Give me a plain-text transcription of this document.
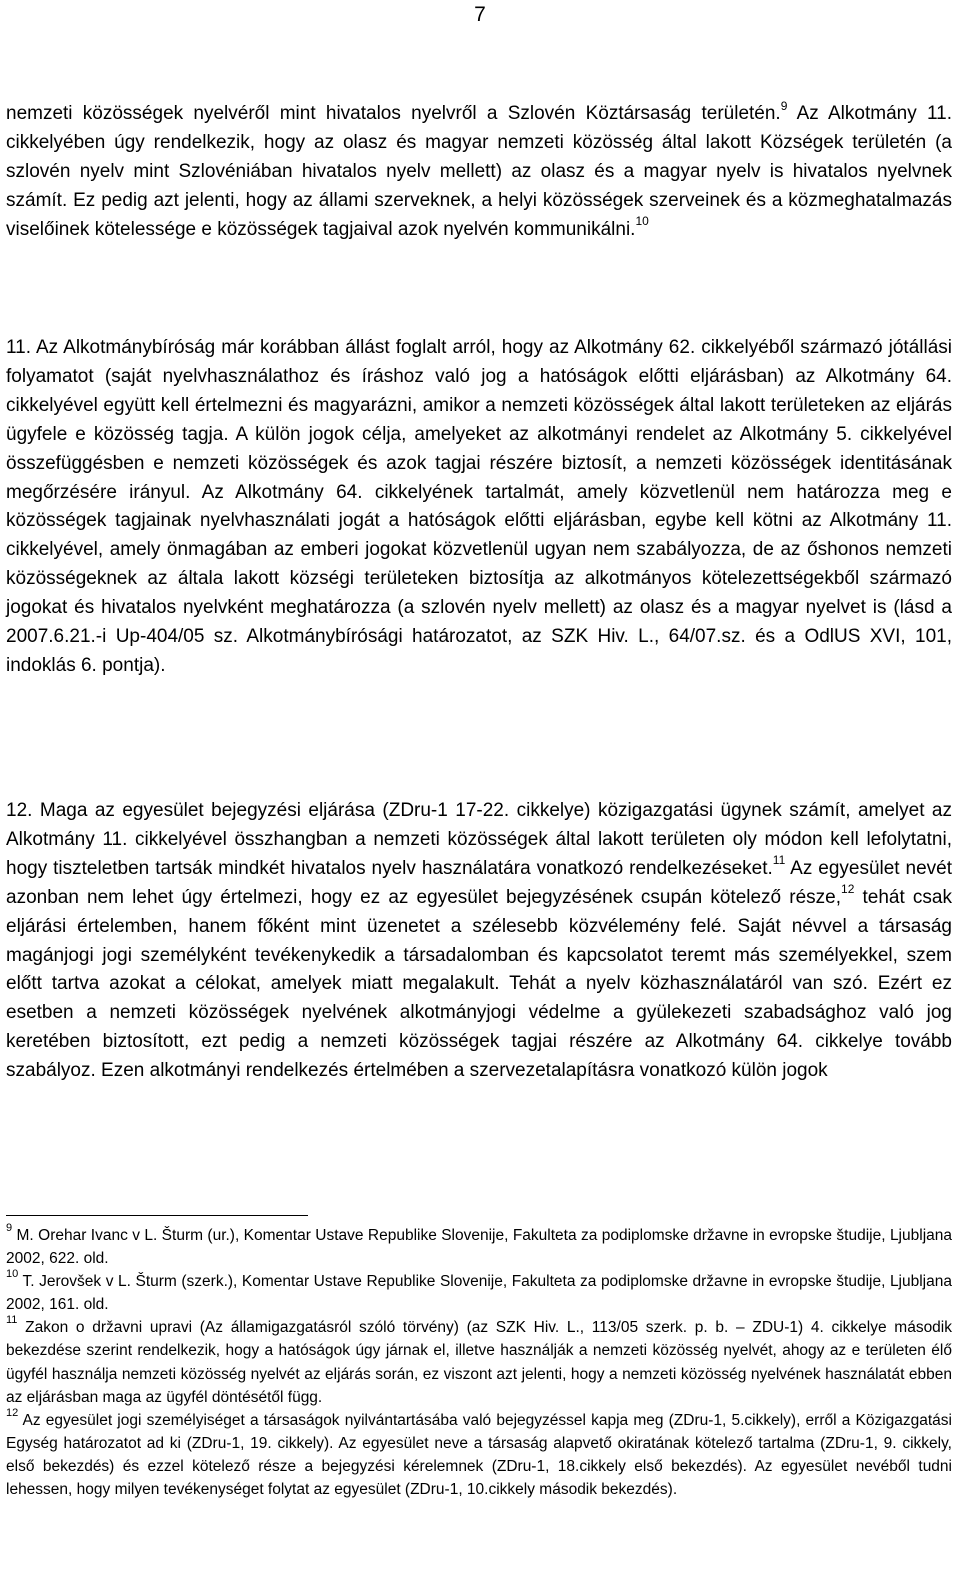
7

nemzeti közösségek nyelvéről mint hivatalos nyelvről a Szlovén Köztársaság területén.$^9$ Az Alkotmány 11. cikkelyében úgy rendelkezik, hogy az olasz és magyar nemzeti közösség által lakott Községek területén (a szlovén nyelv mint Szlovéniában hivatalos nyelv mellett) az olasz és a magyar nyelv is hivatalos nyelvnek számít. Ez pedig azt jelenti, hogy az állami szerveknek, a helyi közösségek szerveinek és a közmeghatalmazás viselőinek kötelessége e közösségek tagjaival azok nyelvén kommunikálni.$^{10}$

11. Az Alkotmánybíróság már korábban állást foglalt arról, hogy az Alkotmány 62. cikkelyéből származó jótállási folyamatot (saját nyelvhasználathoz és íráshoz való jog a hatóságok előtti eljárásban) az Alkotmány 64. cikkelyével együtt kell értelmezni és magyarázni, amikor a nemzeti közösségek által lakott területeken az eljárás ügyfele e közösség tagja. A külön jogok célja, amelyeket az alkotmányi rendelet az Alkotmány 5. cikkelyével összefüggésben e nemzeti közösségek és azok tagjai részére biztosít, a nemzeti közösségek identitásának megőrzésére irányul. Az Alkotmány 64. cikkelyének tartalmát, amely közvetlenül nem határozza meg e közösségek tagjainak nyelvhasználati jogát a hatóságok előtti eljárásban, egybe kell kötni az Alkotmány 11. cikkelyével, amely önmagában az emberi jogokat közvetlenül ugyan nem szabályozza, de az őshonos nemzeti közösségeknek az általa lakott községi területeken biztosítja az alkotmányos kötelezettségekből származó jogokat és hivatalos nyelvként meghatározza (a szlovén nyelv mellett) az olasz és a magyar nyelvet is (lásd a 2007.6.21.-i Up-404/05 sz. Alkotmánybírósági határozatot, az SZK Hiv. L., 64/07.sz. és a OdlUS XVI, 101, indoklás 6. pontja).

12. Maga az egyesület bejegyzési eljárása (ZDru-1 17-22. cikkelye) közigazgatási ügynek számít, amelyet az Alkotmány 11. cikkelyével összhangban a nemzeti közösségek által lakott területen oly módon kell lefolytatni, hogy tiszteletben tartsák mindkét hivatalos nyelv használatára vonatkozó rendelkezéseket.$^{11}$ Az egyesület nevét azonban nem lehet úgy értelmezi, hogy ez az egyesület bejegyzésének csupán kötelező része,$^{12}$ tehát csak eljárási értelemben, hanem főként mint üzenetet a szélesebb közvélemény felé. Saját névvel a társaság magánjogi jogi személyként tevékenykedik a társadalomban és kapcsolatot teremt más személyekkel, szem előtt tartva azokat a célokat, amelyek miatt megalakult. Tehát a nyelv közhasználatáról van szó. Ezért ez esetben a nemzeti közösségek nyelvének alkotmányjogi védelme a gyülekezeti szabadsághoz való jog keretében biztosított, ezt pedig a nemzeti közösségek tagjai részére az Alkotmány 64. cikkelye tovább szabályoz. Ezen alkotmányi rendelkezés értelmében a szervezetalapításra vonatkozó külön jogok

$^9$ M. Orehar Ivanc v L. Šturm (ur.), Komentar Ustave Republike Slovenije, Fakulteta za podiplomske državne in evropske študije, Ljubljana 2002, 622. old.

$^{10}$ T. Jerovšek v L. Šturm (szerk.), Komentar Ustave Republike Slovenije, Fakulteta za podiplomske državne in evropske študije, Ljubljana 2002, 161. old.

$^{11}$ Zakon o državni upravi (Az államigazgatásról szóló törvény) (az SZK Hiv. L., 113/05 szerk. p. b. – ZDU-1) 4. cikkelye második bekezdése szerint rendelkezik, hogy a hatóságok úgy járnak el, illetve használják a nemzeti közösség nyelvét, ahogy az e területen élő ügyfél használja nemzeti közösség nyelvét az eljárás során, ez viszont azt jelenti, hogy a nemzeti közösség nyelvének használatát ebben az eljárásban maga az ügyfél döntésétől függ.

$^{12}$ Az egyesület jogi személyiséget a társaságok nyilvántartásába való bejegyzéssel kapja meg (ZDru-1, 5.cikkely), erről a Közigazgatási Egység határozatot ad ki (ZDru-1, 19. cikkely). Az egyesület neve a társaság alapvető okiratának kötelező tartalma (ZDru-1, 9. cikkely, első bekezdés) és ezzel kötelező része a bejegyzési kérelemnek (ZDru-1, 18.cikkely első bekezdés). Az egyesület nevéből tudni lehessen, hogy milyen tevékenységet folytat az egyesület (ZDru-1, 10.cikkely második bekezdés).
